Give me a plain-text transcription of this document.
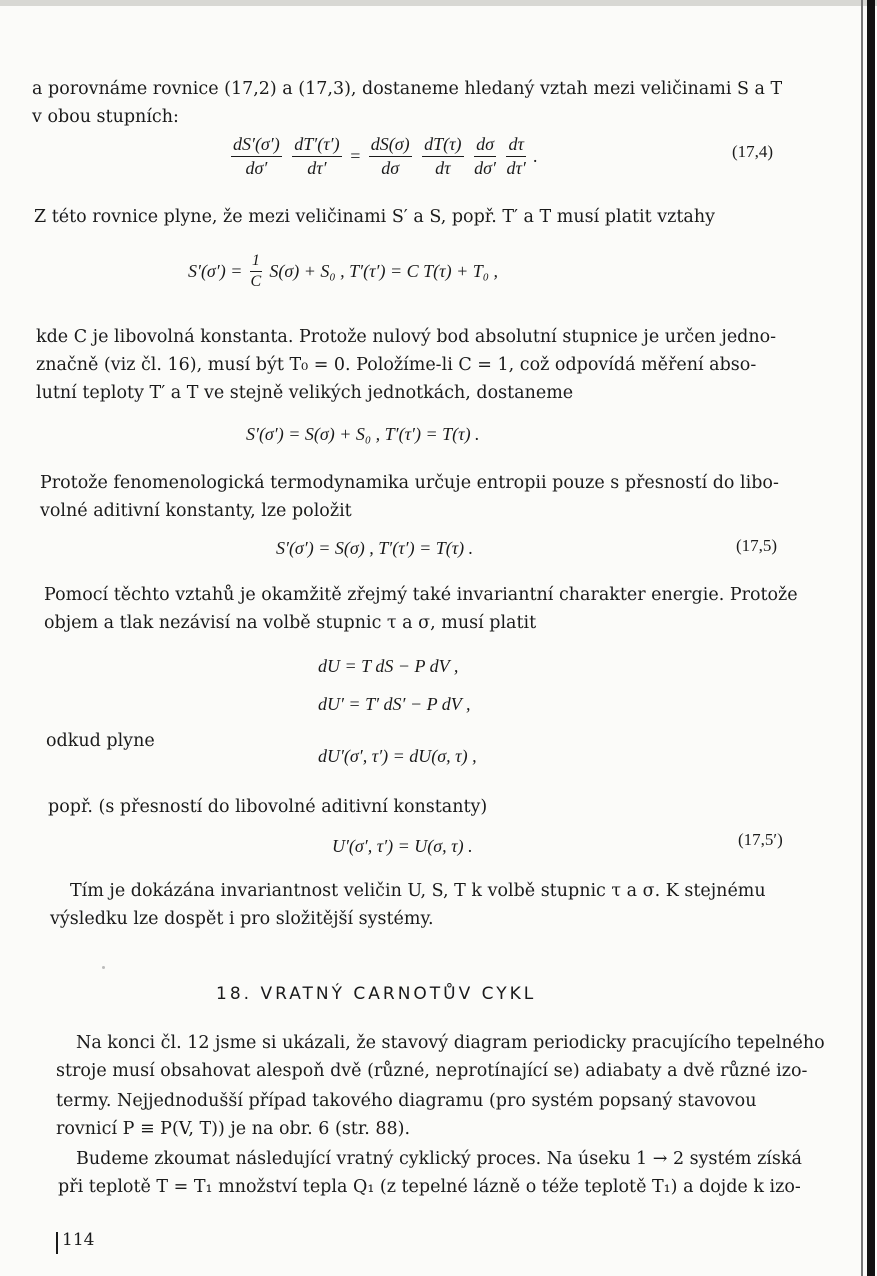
a porovnáme rovnice (17,2) a (17,3), dostaneme hledaný vztah mezi veličinami S a T
v obou stupních:
$\frac{dS'(\sigma')}{d\sigma'}$
$\frac{dT'(\tau')}{d\tau'} = \frac{dS(\sigma)}{d\sigma}$
$\frac{dT(\tau)}{d\tau}$
$\frac{d\sigma}{d\sigma'}$
$\frac{d\tau}{d\tau'}$ .	(17,4)
Z této rovnice plyne, že mezi veličinami S′ a S, popř. T′ a T musí platit vztahy
$S'(\sigma') = \frac{1}{C} S(\sigma) + S_0$ , T′(τ′) = C T(τ) + T₀ ,
kde C je libovolná konstanta. Protože nulový bod absolutní stupnice je určen jedno-
značně (viz čl. 16), musí být T₀ = 0. Položíme-li C = 1, což odpovídá měření abso-
lutní teploty T′ a T ve stejně velikých jednotkách, dostaneme
S′(σ′) = S(σ) + S₀ , T′(τ′) = T(τ) .
Protože fenomenologická termodynamika určuje entropii pouze s přesností do libo-
volné aditivní konstanty, lze položit
S′(σ′) = S(σ) , T′(τ′) = T(τ) .	(17,5)
Pomocí těchto vztahů je okamžitě zřejmý také invariantní charakter energie. Protože
objem a tlak nezávisí na volbě stupnic τ a σ, musí platit
dU = T dS − P dV ,
dU′ = T′ dS′ − P dV ,
odkud plyne
dU′(σ′, τ′) = dU(σ, τ) ,
popř. (s přesností do libovolné aditivní konstanty)
U′(σ′, τ′) = U(σ, τ) .	(17,5′)
Tím je dokázána invariantnost veličin U, S, T k volbě stupnic τ a σ. K stejnému
výsledku lze dospět i pro složitější systémy.
18. VRATNÝ CARNOTŮV CYKL
Na konci čl. 12 jsme si ukázali, že stavový diagram periodicky pracujícího tepelného
stroje musí obsahovat alespoň dvě (různé, neprotínající se) adiabaty a dvě různé izo-
termy. Nejjednodušší případ takového diagramu (pro systém popsaný stavovou
rovnicí P ≡ P(V, T)) je na obr. 6 (str. 88).
Budeme zkoumat následující vratný cyklický proces. Na úseku 1 → 2 systém získá
při teplotě T = T₁ množství tepla Q₁ (z tepelné lázně o téže teplotě T₁) a dojde k izo-
114
